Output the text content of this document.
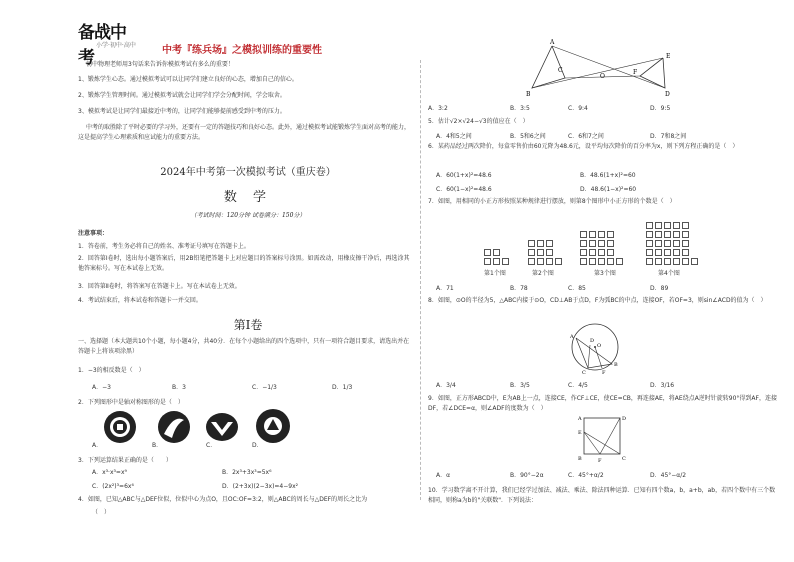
备战中考
小学·初中·高中	中考『练兵场』之模拟训练的重要性
初中物理老师用3句话来告诉你模拟考试有多么的重要！
1、锻炼学生心态。通过模拟考试可以让同学们建立良好的心态，增加自己的信心。
2、锻炼学生管理时间。通过模拟考试就会让同学们学会分配时间，学会取舍。
3、模拟考试是让同学们最接近中考的，让同学们能够提前感受到中考的压力。
中考的取胜除了平时必要的学习外，还要有一定的答题技巧和良好心态。此外，通过模拟考试能锻炼学生面对高考的能力，这是提高学生心理素质和应试能力的重要方法。
2024年中考第一次模拟考试（重庆卷）
数 学
（考试时间：120分钟 试卷满分：150分）
注意事项：
1．答卷前，考生务必将自己的姓名、准考证号填写在答题卡上。
2．回答第Ⅰ卷时，选出每小题答案后，用2B铅笔把答题卡上对应题目的答案标号涂黑。如需改动，用橡皮擦干净后，再选涂其他答案标号。写在本试卷上无效。
3．回答第Ⅱ卷时，将答案写在答题卡上。写在本试卷上无效。
4．考试结束后，将本试卷和答题卡一并交回。
第Ⅰ卷
一、选择题（本大题共10个小题，每小题4分，共40分．在每个小题给出的四个选项中，只有一项符合题目要求，请选出并在答题卡上将该项涂黑）
1．−3的相反数是（　）
A．−3	B．3	C．−1/3	D．1/3
2．下列图形中是轴对称图形的是（　）
A．	B．	C．	D．
3．下列运算结果正确的是（　　）
A．x³·x³=x⁹	B．2x³+3x³=5x⁶
C．(2x²)³=6x⁶	D．(2+3x)(2−3x)=4−9x²
4．如图，已知△ABC与△DEF位似，位似中心为点O，且OC:OF=3:2，则△ABC的周长与△DEF的周长之比为
（　）
A
B
C
O
D
E
F
A．3:2	B．3:5	C．9:4	D．9:5
5．估计√2×√24−√3的值应在（　）
A．4和5之间	B．5和6之间	C．6和7之间	D．7和8之间
6．某药品经过两次降价，每盒零售价由60元降为48.6元，设平均每次降价的百分率为x，则下列方程正确的是（　）
A．60(1+x)²=48.6	B．48.6(1+x)²=60
C．60(1−x)²=48.6	D．48.6(1−x)²=60
7．如图，用相同的小正方形按照某种规律进行摆放，则第8个图形中小正方形的个数是（　）
第1个图	第2个图	第3个图	第4个图
A．71	B．78	C．85	D．89
8．如图，⊙O的半径为5，△ABC内接于⊙O，CD⊥AB于点D，F为弧BC的中点，连接OF，若OF=3，则sin∠ACD的值为（　）
C
A
B
D
O
F
A．3/4	B．3/5	C．4/5	D．3/16
9．如图，正方形ABCD中，E为AB上一点，连接CE，作CF⊥CE，使CE=CB，再连接AE，将AE绕点A逆时针旋转90°得到AF，连接DF，若∠DCE=α，则∠ADF的度数为（　）
A	D
B	C
E
F
A．α	B．90°−2α	C．45°+α/2	D．45°−α/2
10．学习数学离不开计算，我们已经学过加法、减法、乘法、除法四种运算．已知有四个数a，b，a+b，ab，若四个数中有三个数相同，则称a为b的"关联数"．下列说法：
